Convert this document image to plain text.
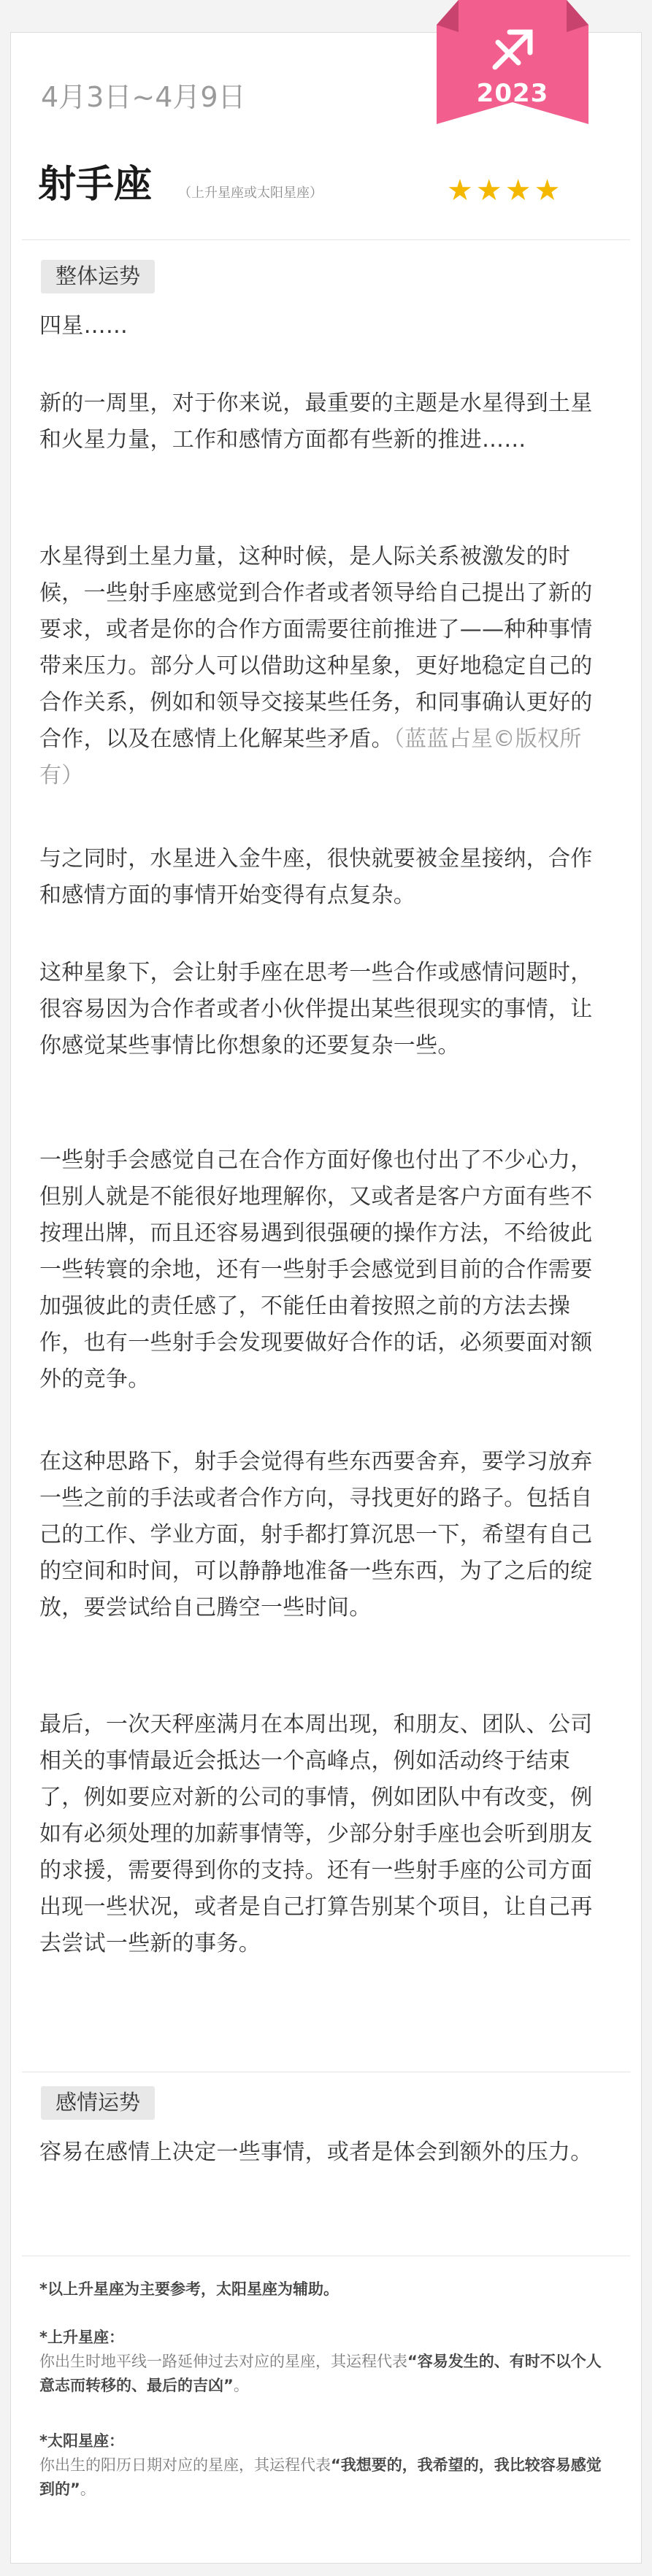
2023
4月3日~4月9日
射手座 （上升星座或太阳星座）	★★★★
整体运势
四星……
新的一周里，对于你来说，最重要的主题是水星得到土星和火星力量，工作和感情方面都有些新的推进……
水星得到土星力量，这种时候，是人际关系被激发的时候，一些射手座感觉到合作者或者领导给自己提出了新的要求，或者是你的合作方面需要往前推进了——种种事情带来压力。部分人可以借助这种星象，更好地稳定自己的合作关系，例如和领导交接某些任务，和同事确认更好的合作，以及在感情上化解某些矛盾。（蓝蓝占星©版权所有）
与之同时，水星进入金牛座，很快就要被金星接纳，合作和感情方面的事情开始变得有点复杂。
这种星象下，会让射手座在思考一些合作或感情问题时，很容易因为合作者或者小伙伴提出某些很现实的事情，让你感觉某些事情比你想象的还要复杂一些。
一些射手会感觉自己在合作方面好像也付出了不少心力，但别人就是不能很好地理解你，又或者是客户方面有些不按理出牌，而且还容易遇到很强硬的操作方法，不给彼此一些转寰的余地，还有一些射手会感觉到目前的合作需要加强彼此的责任感了，不能任由着按照之前的方法去操作，也有一些射手会发现要做好合作的话，必须要面对额外的竞争。
在这种思路下，射手会觉得有些东西要舍弃，要学习放弃一些之前的手法或者合作方向，寻找更好的路子。包括自己的工作、学业方面，射手都打算沉思一下，希望有自己的空间和时间，可以静静地准备一些东西，为了之后的绽放，要尝试给自己腾空一些时间。
最后，一次天秤座满月在本周出现，和朋友、团队、公司相关的事情最近会抵达一个高峰点，例如活动终于结束了，例如要应对新的公司的事情，例如团队中有改变，例如有必须处理的加薪事情等，少部分射手座也会听到朋友的求援，需要得到你的支持。还有一些射手座的公司方面出现一些状况，或者是自己打算告别某个项目，让自己再去尝试一些新的事务。
感情运势
容易在感情上决定一些事情，或者是体会到额外的压力。
*以上升星座为主要参考，太阳星座为辅助。
*上升星座：
你出生时地平线一路延伸过去对应的星座，其运程代表“容易发生的、有时不以个人意志而转移的、最后的吉凶”。
*太阳星座：
你出生的阳历日期对应的星座，其运程代表“我想要的，我希望的，我比较容易感觉到的”。
